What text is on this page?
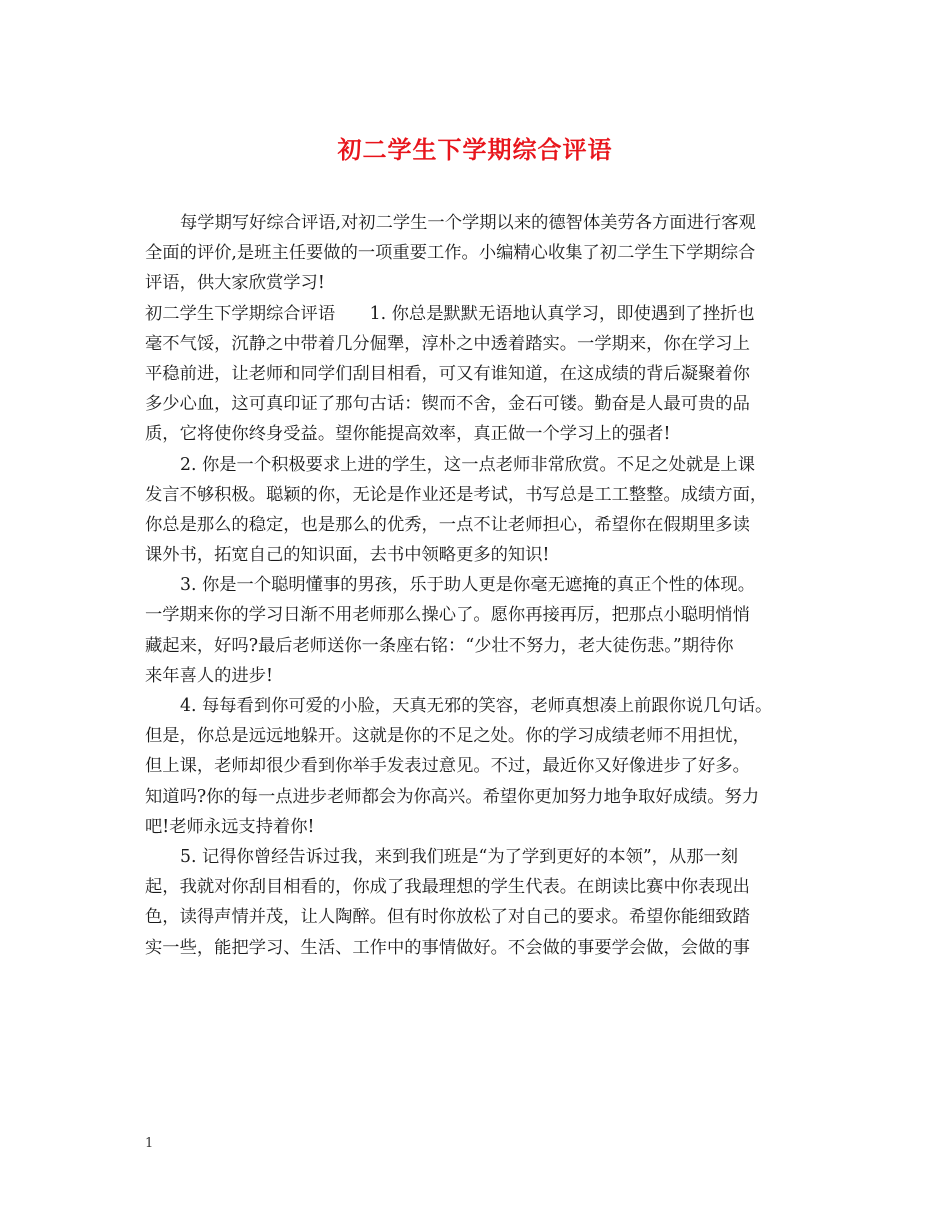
初二学生下学期综合评语
每学期写好综合评语,对初二学生一个学期以来的德智体美劳各方面进行客观
全面的评价,是班主任要做的一项重要工作。小编精心收集了初二学生下学期综合
评语，供大家欣赏学习!
初二学生下学期综合评语　　1. 你总是默默无语地认真学习，即使遇到了挫折也
毫不气馁，沉静之中带着几分倔犟，淳朴之中透着踏实。一学期来，你在学习上
平稳前进，让老师和同学们刮目相看，可又有谁知道，在这成绩的背后凝聚着你
多少心血，这可真印证了那句古话：锲而不舍，金石可镂。勤奋是人最可贵的品
质，它将使你终身受益。望你能提高效率，真正做一个学习上的强者!
2. 你是一个积极要求上进的学生，这一点老师非常欣赏。不足之处就是上课
发言不够积极。聪颖的你，无论是作业还是考试，书写总是工工整整。成绩方面，
你总是那么的稳定，也是那么的优秀，一点不让老师担心，希望你在假期里多读
课外书，拓宽自己的知识面，去书中领略更多的知识!
3. 你是一个聪明懂事的男孩，乐于助人更是你毫无遮掩的真正个性的体现。
一学期来你的学习日渐不用老师那么操心了。愿你再接再厉，把那点小聪明悄悄
藏起来，好吗?最后老师送你一条座右铭：“少壮不努力，老大徒伤悲。”期待你
来年喜人的进步!
4. 每每看到你可爱的小脸，天真无邪的笑容，老师真想凑上前跟你说几句话。
但是，你总是远远地躲开。这就是你的不足之处。你的学习成绩老师不用担忧，
但上课，老师却很少看到你举手发表过意见。不过，最近你又好像进步了好多。
知道吗?你的每一点进步老师都会为你高兴。希望你更加努力地争取好成绩。努力
吧!老师永远支持着你!
5. 记得你曾经告诉过我，来到我们班是“为了学到更好的本领”，从那一刻
起，我就对你刮目相看的，你成了我最理想的学生代表。在朗读比赛中你表现出
色，读得声情并茂，让人陶醉。但有时你放松了对自己的要求。希望你能细致踏
实一些，能把学习、生活、工作中的事情做好。不会做的事要学会做，会做的事
1
